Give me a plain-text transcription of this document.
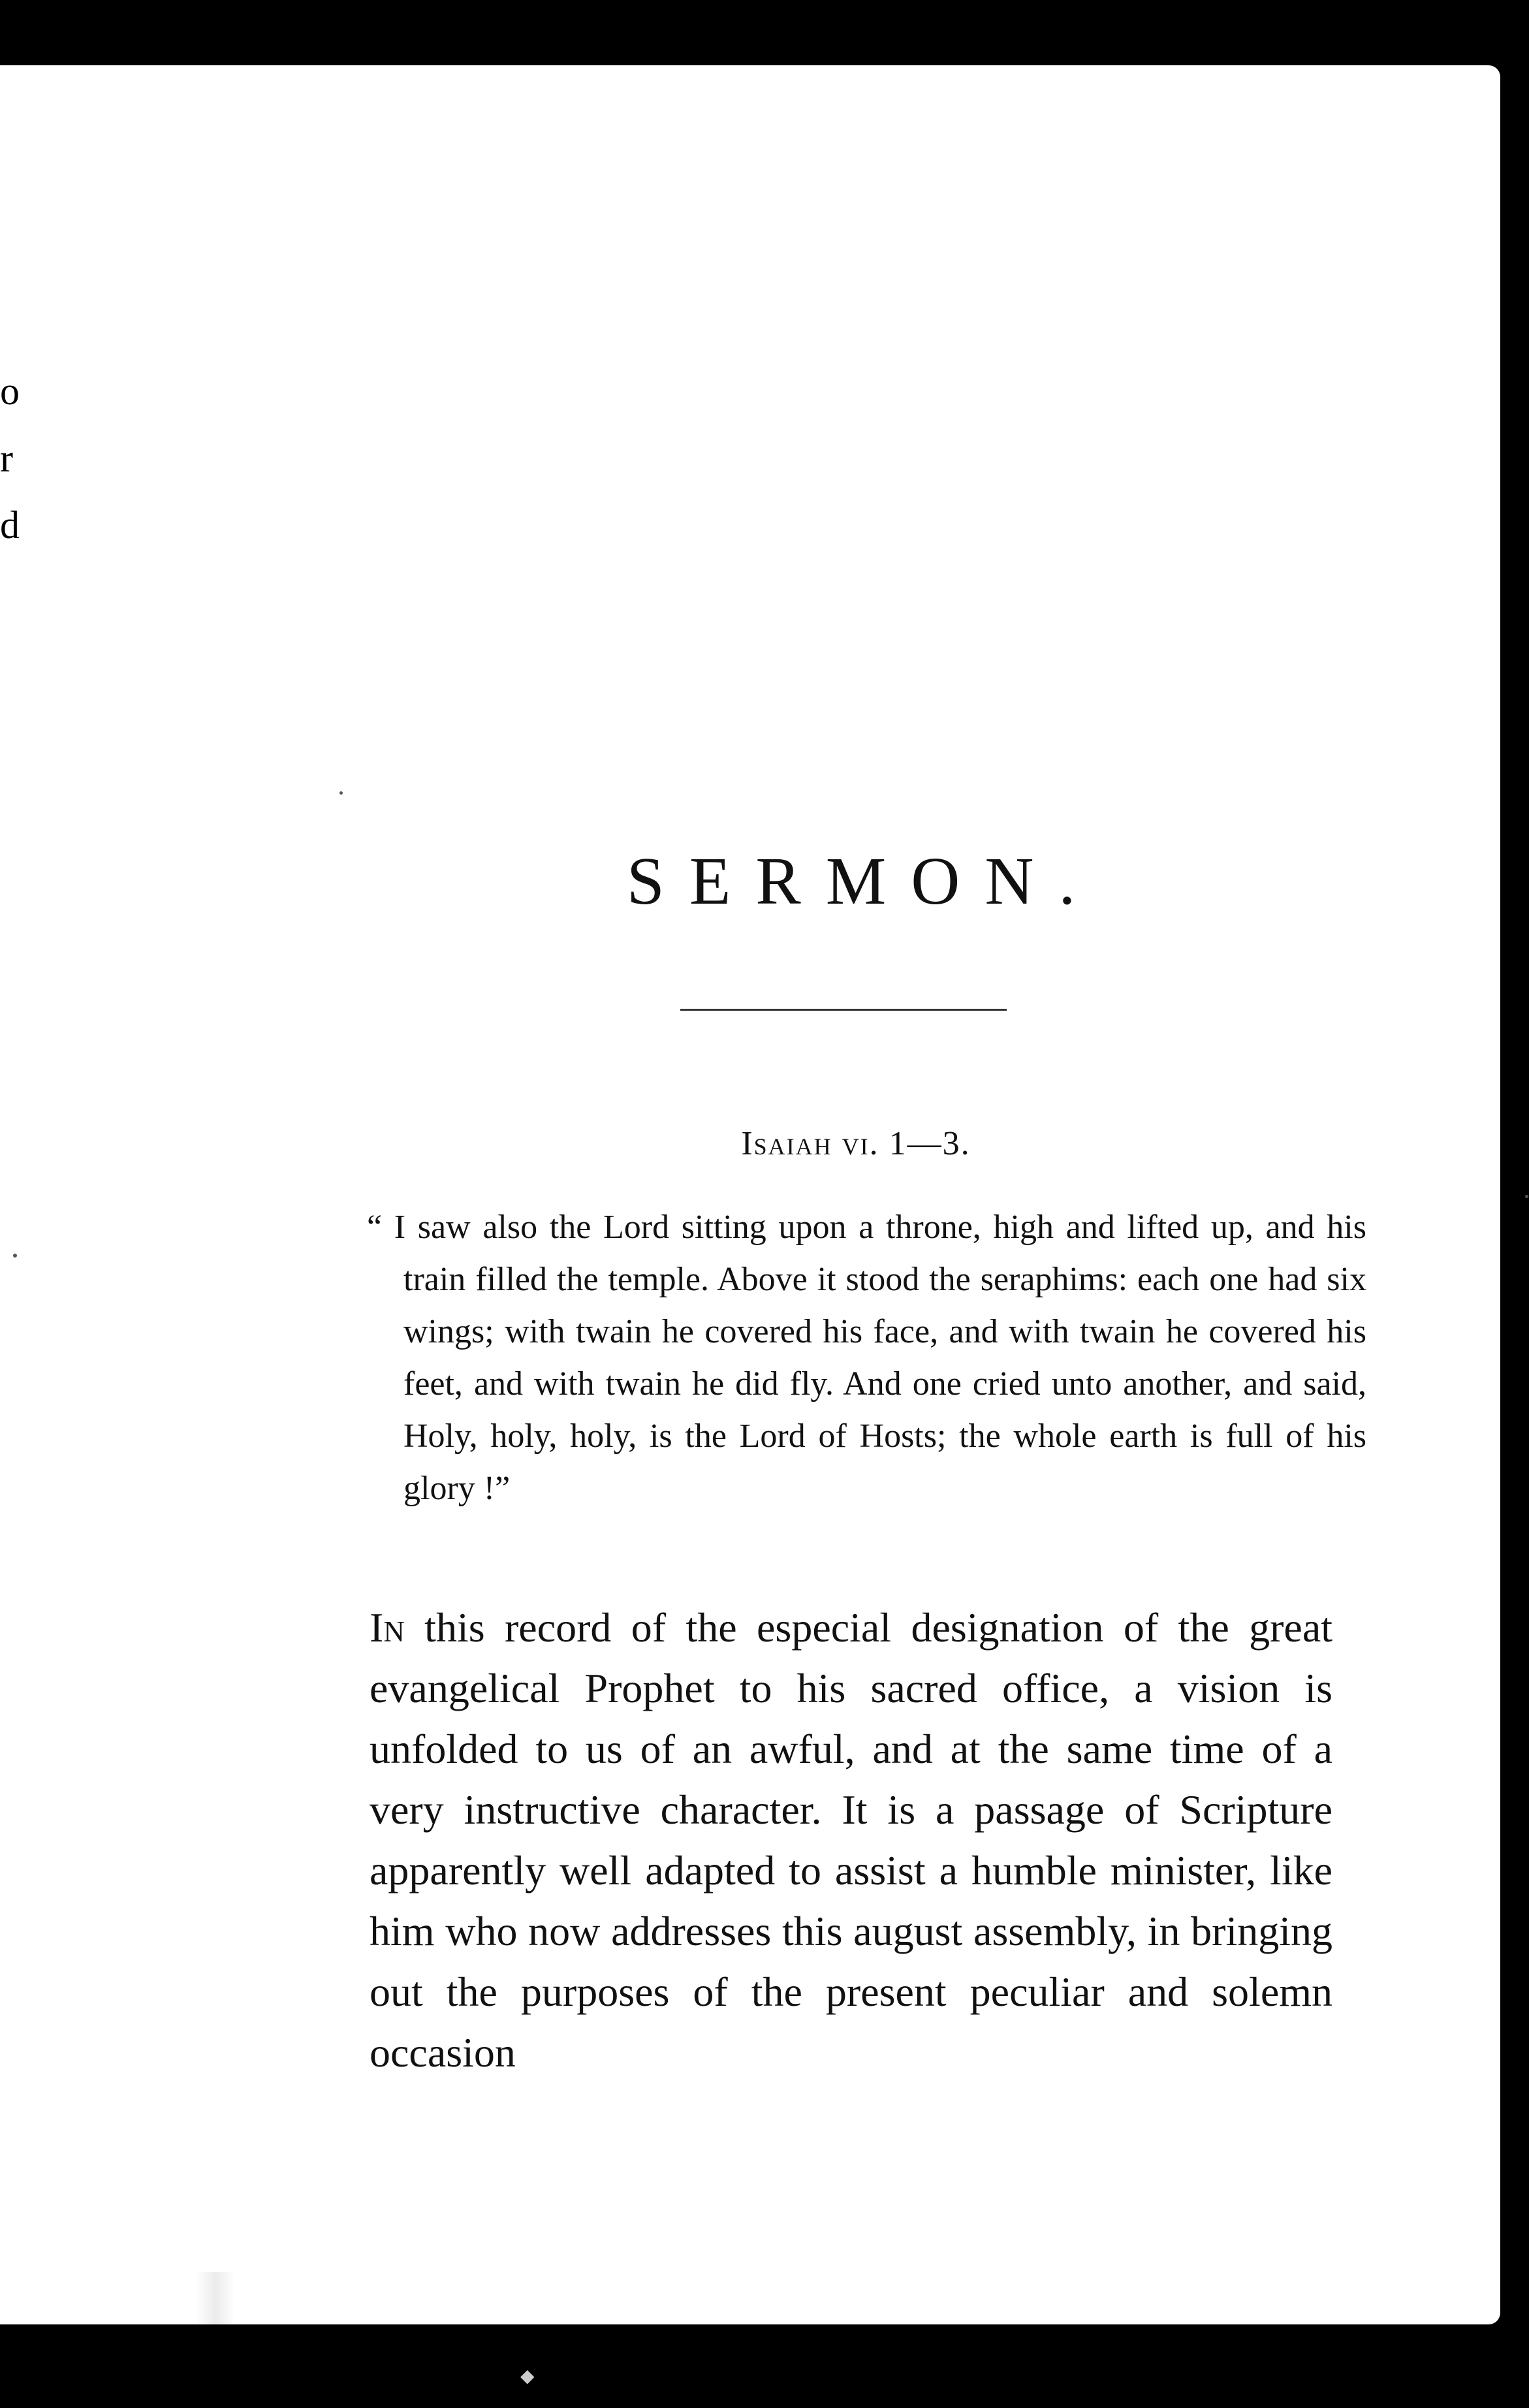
o
r
d
SERMON.
Isaiah vi. 1—3.

“ I saw also the Lord sitting upon a throne, high and lifted up, and his train filled the temple. Above it stood the seraphims: each one had six wings; with twain he covered his face, and with twain he covered his feet, and with twain he did fly. And one cried unto another, and said, Holy, holy, holy, is the Lord of Hosts; the whole earth is full of his glory !”

In this record of the especial designation of the great evangelical Prophet to his sacred office, a vision is unfolded to us of an awful, and at the same time of a very instructive character. It is a passage of Scripture apparently well adapted to assist a humble minister, like him who now addresses this august assembly, in bringing out the purposes of the present peculiar and solemn occasion

◆
